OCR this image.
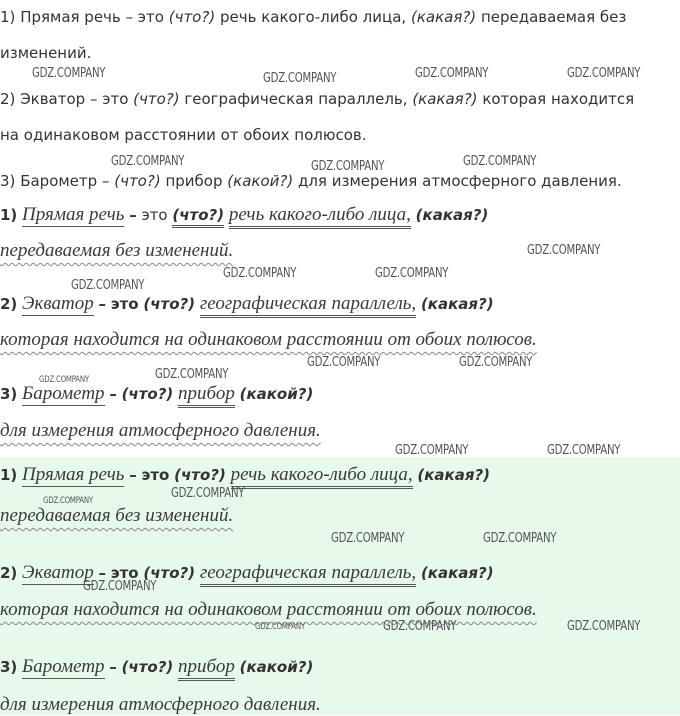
1) Прямая речь – это (что?) речь какого-либо лица, (какая?) передаваемая без
изменений.
2) Экватор – это (что?) географическая параллель, (какая?) которая находится
на одинаковом расстоянии от обоих полюсов.
3) Барометр – (что?) прибор (какой?) для измерения атмосферного давления.
1) Прямая речь – это (что?) речь какого-либо лица, (какая?)
передаваемая без изменений.
2) Экватор – это (что?) географическая параллель, (какая?)
которая находится на одинаковом расстоянии от обоих полюсов.
3) Барометр – (что?) прибор (какой?)
для измерения атмосферного давления.
1) Прямая речь – это (что?) речь какого-либо лица, (какая?)
передаваемая без изменений.
2) Экватор – это (что?) географическая параллель, (какая?)
которая находится на одинаковом расстоянии от обоих полюсов.
3) Барометр – (что?) прибор (какой?)
для измерения атмосферного давления.
GDZ.COMPANY	GDZ.COMPANY	GDZ.COMPANY	GDZ.COMPANY
GDZ.COMPANY	GDZ.COMPANY	GDZ.COMPANY
GDZ.COMPANY
GDZ.COMPANY	GDZ.COMPANY
GDZ.COMPANY
GDZ.COMPANY	GDZ.COMPANY
GDZ.COMPANY
GDZ.COMPANY
GDZ.COMPANY	GDZ.COMPANY
GDZ.COMPANY
GDZ.COMPANY
GDZ.COMPANY	GDZ.COMPANY
GDZ.COMPANY
GDZ.COMPANY	GDZ.COMPANY	GDZ.COMPANY
